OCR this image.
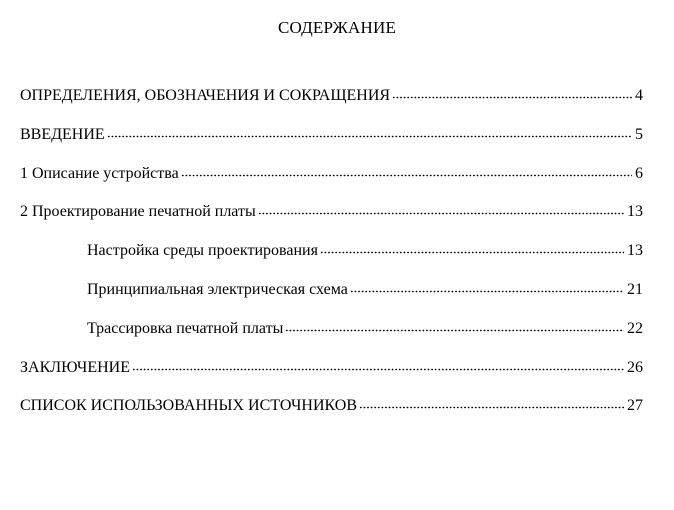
СОДЕРЖАНИЕ
ОПРЕДЕЛЕНИЯ, ОБОЗНАЧЕНИЯ И СОКРАЩЕНИЯ	4
ВВЕДЕНИЕ	5
1 Описание устройства	6
2 Проектирование печатной платы	13
Настройка среды проектирования	13
Принципиальная электрическая схема	21
Трассировка печатной платы	22
ЗАКЛЮЧЕНИЕ	26
СПИСОК ИСПОЛЬЗОВАННЫХ ИСТОЧНИКОВ	27
